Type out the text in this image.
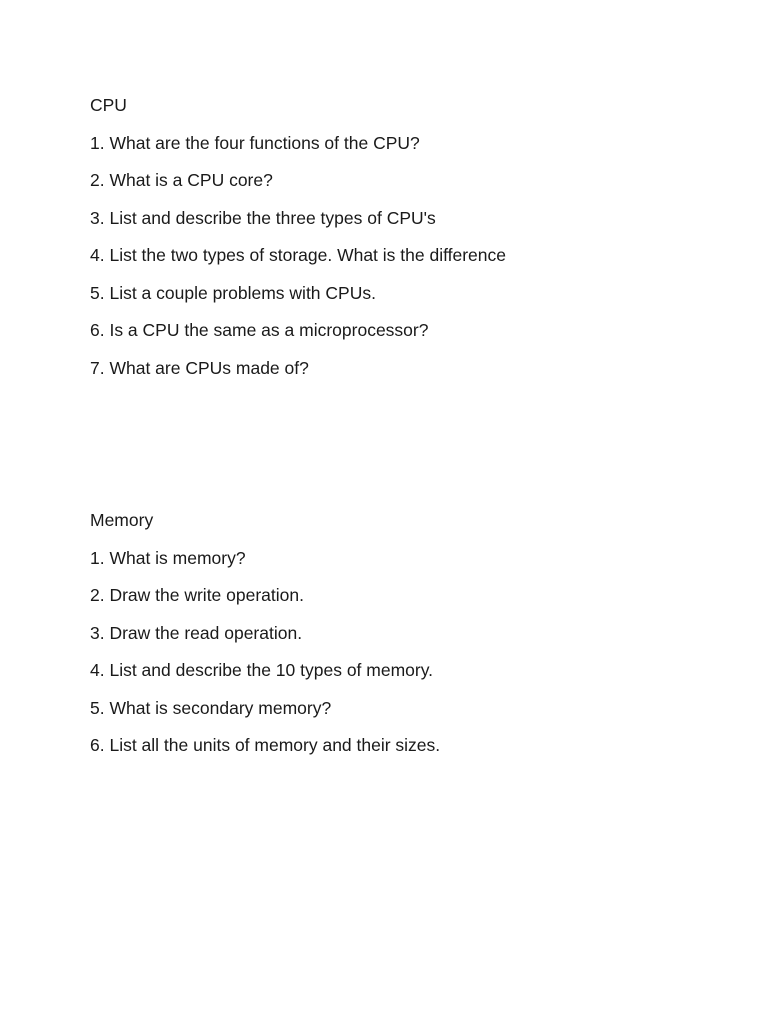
CPU

1. What are the four functions of the CPU?
2. What is a CPU core?
3. List and describe the three types of CPU's
4. List the two types of storage. What is the difference
5. List a couple problems with CPUs.
6. Is a CPU the same as a microprocessor?
7. What are CPUs made of?

Memory

1. What is memory?
2. Draw the write operation.
3. Draw the read operation.
4. List and describe the 10 types of memory.
5. What is secondary memory?
6. List all the units of memory and their sizes.
